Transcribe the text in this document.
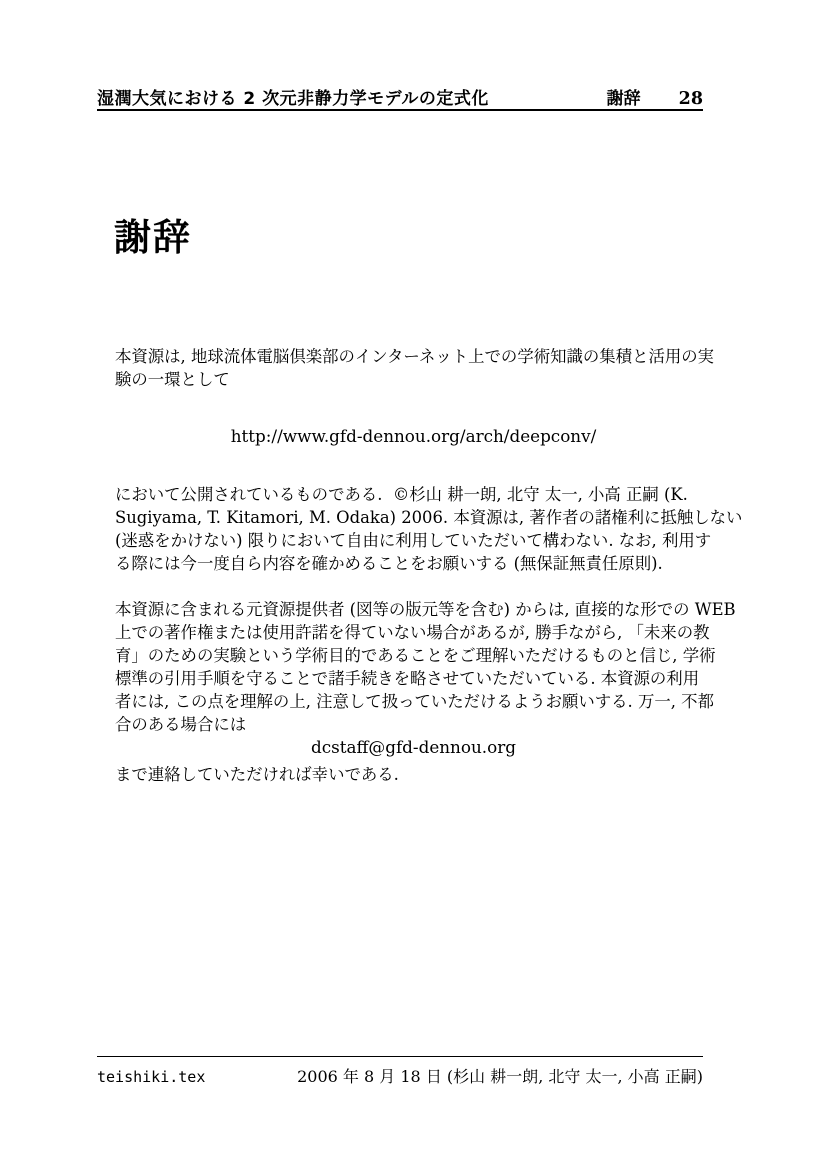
湿潤大気における 2 次元非静力学モデルの定式化	謝辞 28
謝辞
本資源は, 地球流体電脳倶楽部のインターネット上での学術知識の集積と活用の実
験の一環として
http://www.gfd-dennou.org/arch/deepconv/
において公開されているものである.  ©杉山 耕一朗, 北守 太一, 小高 正嗣 (K.
Sugiyama, T. Kitamori, M. Odaka) 2006. 本資源は, 著作者の諸権利に抵触しない
(迷惑をかけない) 限りにおいて自由に利用していただいて構わない. なお, 利用す
る際には今一度自ら内容を確かめることをお願いする (無保証無責任原則).
本資源に含まれる元資源提供者 (図等の版元等を含む) からは, 直接的な形での WEB
上での著作権または使用許諾を得ていない場合があるが, 勝手ながら, 「未来の教
育」のための実験という学術目的であることをご理解いただけるものと信じ, 学術
標準の引用手順を守ることで諸手続きを略させていただいている. 本資源の利用
者には, この点を理解の上, 注意して扱っていただけるようお願いする. 万一, 不都
合のある場合には
dcstaff@gfd-dennou.org
まで連絡していただければ幸いである.
teishiki.tex	2006 年 8 月 18 日 (杉山 耕一朗, 北守 太一, 小高 正嗣)
